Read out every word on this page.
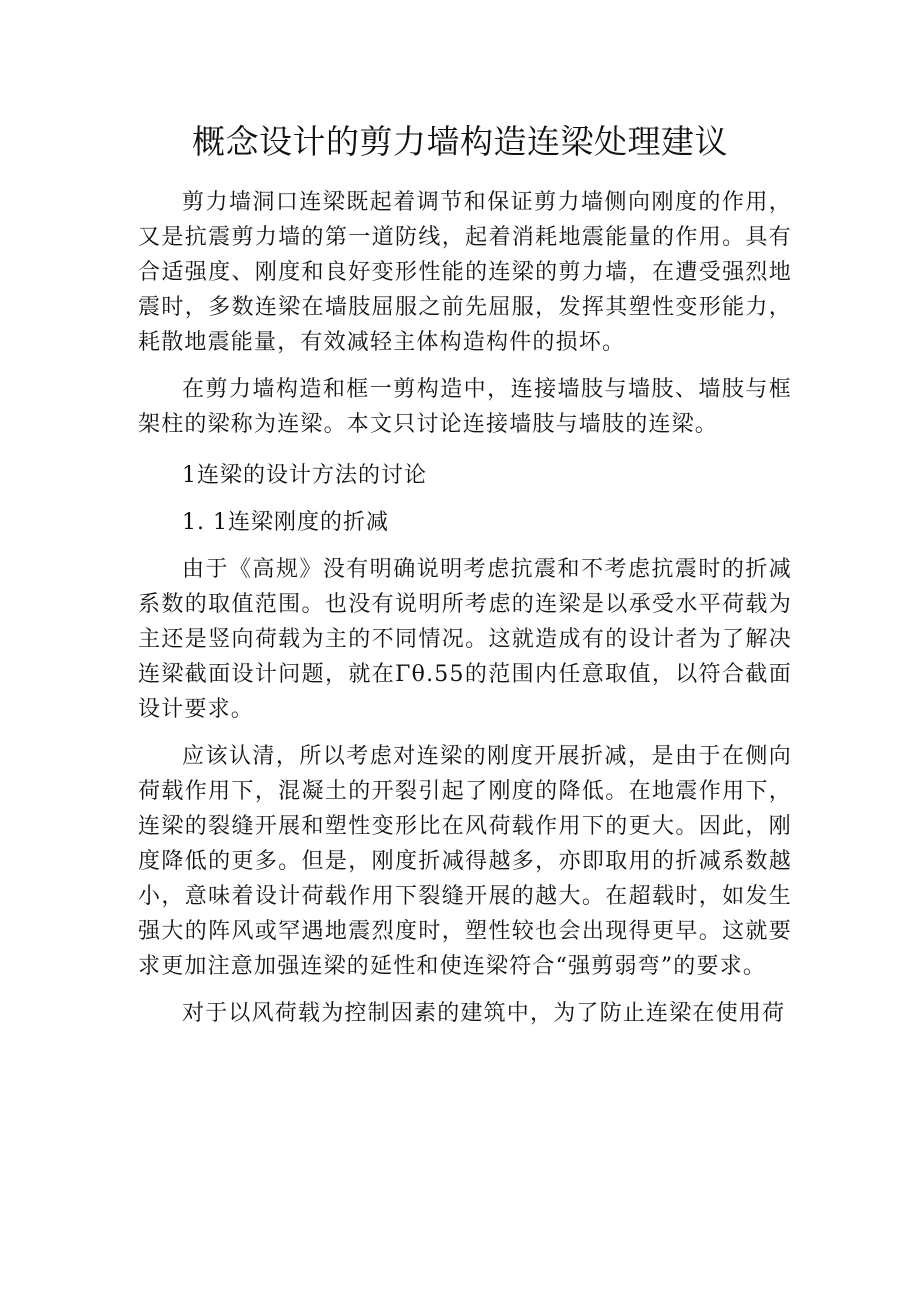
概念设计的剪力墙构造连梁处理建议

剪力墙洞口连梁既起着调节和保证剪力墙侧向刚度的作用，又是抗震剪力墙的第一道防线，起着消耗地震能量的作用。具有合适强度、刚度和良好变形性能的连梁的剪力墙，在遭受强烈地震时，多数连梁在墙肢屈服之前先屈服，发挥其塑性变形能力，耗散地震能量，有效减轻主体构造构件的损坏。

在剪力墙构造和框一剪构造中，连接墙肢与墙肢、墙肢与框架柱的梁称为连梁。本文只讨论连接墙肢与墙肢的连梁。

1连梁的设计方法的讨论

1. 1连梁刚度的折减

由于《高规》没有明确说明考虑抗震和不考虑抗震时的折减系数的取值范围。也没有说明所考虑的连梁是以承受水平荷载为主还是竖向荷载为主的不同情况。这就造成有的设计者为了解决连梁截面设计问题，就在Γθ.55的范围内任意取值，以符合截面设计要求。

应该认清，所以考虑对连梁的刚度开展折减，是由于在侧向荷载作用下，混凝土的开裂引起了刚度的降低。在地震作用下，连梁的裂缝开展和塑性变形比在风荷载作用下的更大。因此，刚度降低的更多。但是，刚度折减得越多，亦即取用的折减系数越小，意味着设计荷载作用下裂缝开展的越大。在超载时，如发生强大的阵风或罕遇地震烈度时，塑性较也会出现得更早。这就要求更加注意加强连梁的延性和使连梁符合“强剪弱弯”的要求。

对于以风荷载为控制因素的建筑中，为了防止连梁在使用荷
